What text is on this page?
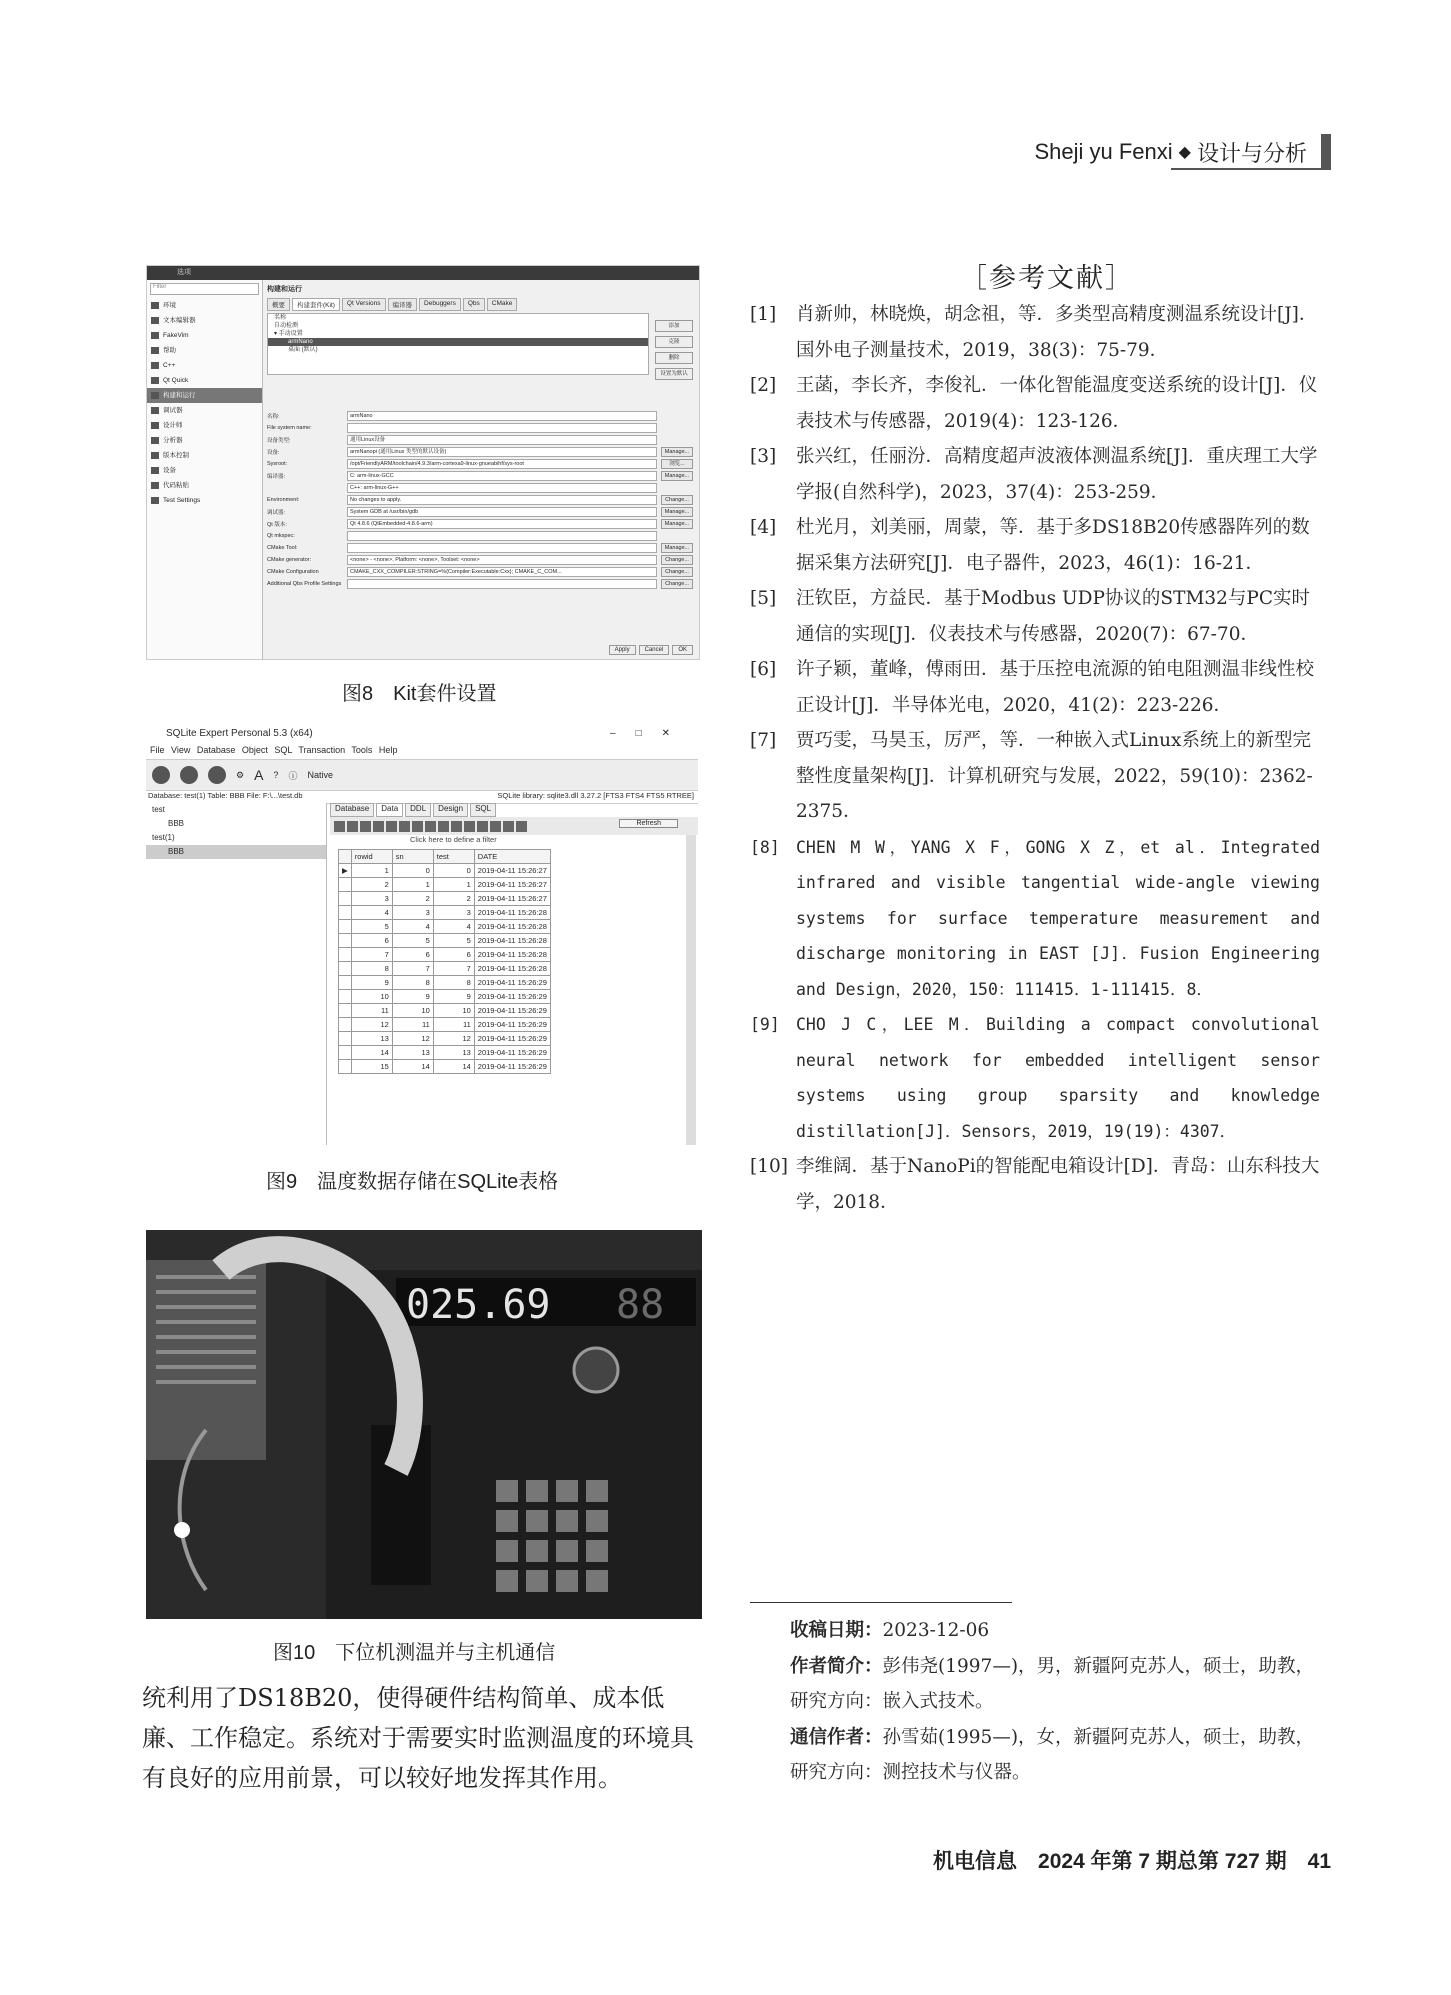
Sheji yu Fenxi ◆ 设计与分析
选项
Filter
环境
文本编辑器
FakeVim
帮助
C++
Qt Quick
构建和运行
调试器
设计师
分析器
版本控制
设备
代码粘贴
Test Settings
构建和运行
概要	构建套件(Kit)	Qt Versions	编译器	Debuggers	Qbs	CMake
名称
自动检测
▾ 手动设置
armNano
桌面 (默认)
添加
克隆
删除
设置为默认
名称:	armNano
File system name:
设备类型:	通用Linux设备
设备:	armNanopi (通用Linux 类型的默认设备)	Manage...
Sysroot:	/opt/FriendlyARM/toolchain/4.9.3/arm-cortexa9-linux-gnueabihf/sys-root	浏览...
编译器:	C: arm-linux-GCC	Manage...
C++: arm-linux-G++
Environment:	No changes to apply.	Change...
调试器:	System GDB at /usr/bin/gdb	Manage...
Qt 版本:	Qt 4.8.6 (QtEmbedded-4.8.6-arm)	Manage...
Qt mkspec:
CMake Tool:	Manage...
CMake generator:	<none> - <none>, Platform: <none>, Toolset: <none>	Change...
CMake Configuration	CMAKE_CXX_COMPILER:STRING=%{Compiler:Executable:Cxx}; CMAKE_C_COM...	Change...
Additional Qbs Profile Settings	Change...
Apply	Cancel	OK
图8　Kit套件设置
SQLite Expert Personal 5.3 (x64)	–□✕
File View Database Object SQL Transaction Tools Help
⚙ A ? ⓘ Native
Database: test(1) Table: BBB File: F:\...\test.db	SQLite library: sqlite3.dll 3.27.2 [FTS3 FTS4 FTS5 RTREE]
test
BBB
test(1)
BBB
Database	Data	DDL	Design	SQL
Refresh
Click here to define a filter
	rowid	sn	test	DATE
▶	1	0	0	2019-04-11 15:26:27
	2	1	1	2019-04-11 15:26:27
	3	2	2	2019-04-11 15:26:27
	4	3	3	2019-04-11 15:26:28
	5	4	4	2019-04-11 15:26:28
	6	5	5	2019-04-11 15:26:28
	7	6	6	2019-04-11 15:26:28
	8	7	7	2019-04-11 15:26:28
	9	8	8	2019-04-11 15:26:29
	10	9	9	2019-04-11 15:26:29
	11	10	10	2019-04-11 15:26:29
	12	11	11	2019-04-11 15:26:29
	13	12	12	2019-04-11 15:26:29
	14	13	13	2019-04-11 15:26:29
	15	14	14	2019-04-11 15:26:29
图9　温度数据存储在SQLite表格
025.69 88
图10　下位机测温并与主机通信
统利用了DS18B20，使得硬件结构简单、成本低廉、工作稳定。系统对于需要实时监测温度的环境具有良好的应用前景，可以较好地发挥其作用。
［参考文献］
[1] 肖新帅，林晓焕，胡念祖，等．多类型高精度测温系统设计[J]．国外电子测量技术，2019，38(3)：75-79．
[2] 王菡，李长齐，李俊礼．一体化智能温度变送系统的设计[J]．仪表技术与传感器，2019(4)：123-126．
[3] 张兴红，任丽汾．高精度超声波液体测温系统[J]．重庆理工大学学报(自然科学)，2023，37(4)：253-259．
[4] 杜光月，刘美丽，周蒙，等．基于多DS18B20传感器阵列的数据采集方法研究[J]．电子器件，2023，46(1)：16-21．
[5] 汪钦臣，方益民．基于Modbus UDP协议的STM32与PC实时通信的实现[J]．仪表技术与传感器，2020(7)：67-70．
[6] 许子颖，董峰，傅雨田．基于压控电流源的铂电阻测温非线性校正设计[J]．半导体光电，2020，41(2)：223-226．
[7] 贾巧雯，马昊玉，厉严，等．一种嵌入式Linux系统上的新型完整性度量架构[J]．计算机研究与发展，2022，59(10)：2362-2375．
[8] CHEN M W，YANG X F，GONG X Z，et al．Integrated infrared and visible tangential wide-angle viewing systems for surface temperature measurement and discharge monitoring in EAST [J]．Fusion Engineering and Design，2020，150：111415．1-111415．8．
[9] CHO J C，LEE M．Building a compact convolutional neural network for embedded intelligent sensor systems using group sparsity and knowledge distillation[J]．Sensors，2019，19(19)：4307．
[10] 李维阔．基于NanoPi的智能配电箱设计[D]．青岛：山东科技大学，2018．

收稿日期：2023-12-06

作者简介：彭伟尧(1997—)，男，新疆阿克苏人，硕士，助教，研究方向：嵌入式技术。

通信作者：孙雪茹(1995—)，女，新疆阿克苏人，硕士，助教，研究方向：测控技术与仪器。

机电信息　2024 年第 7 期总第 727 期　41
